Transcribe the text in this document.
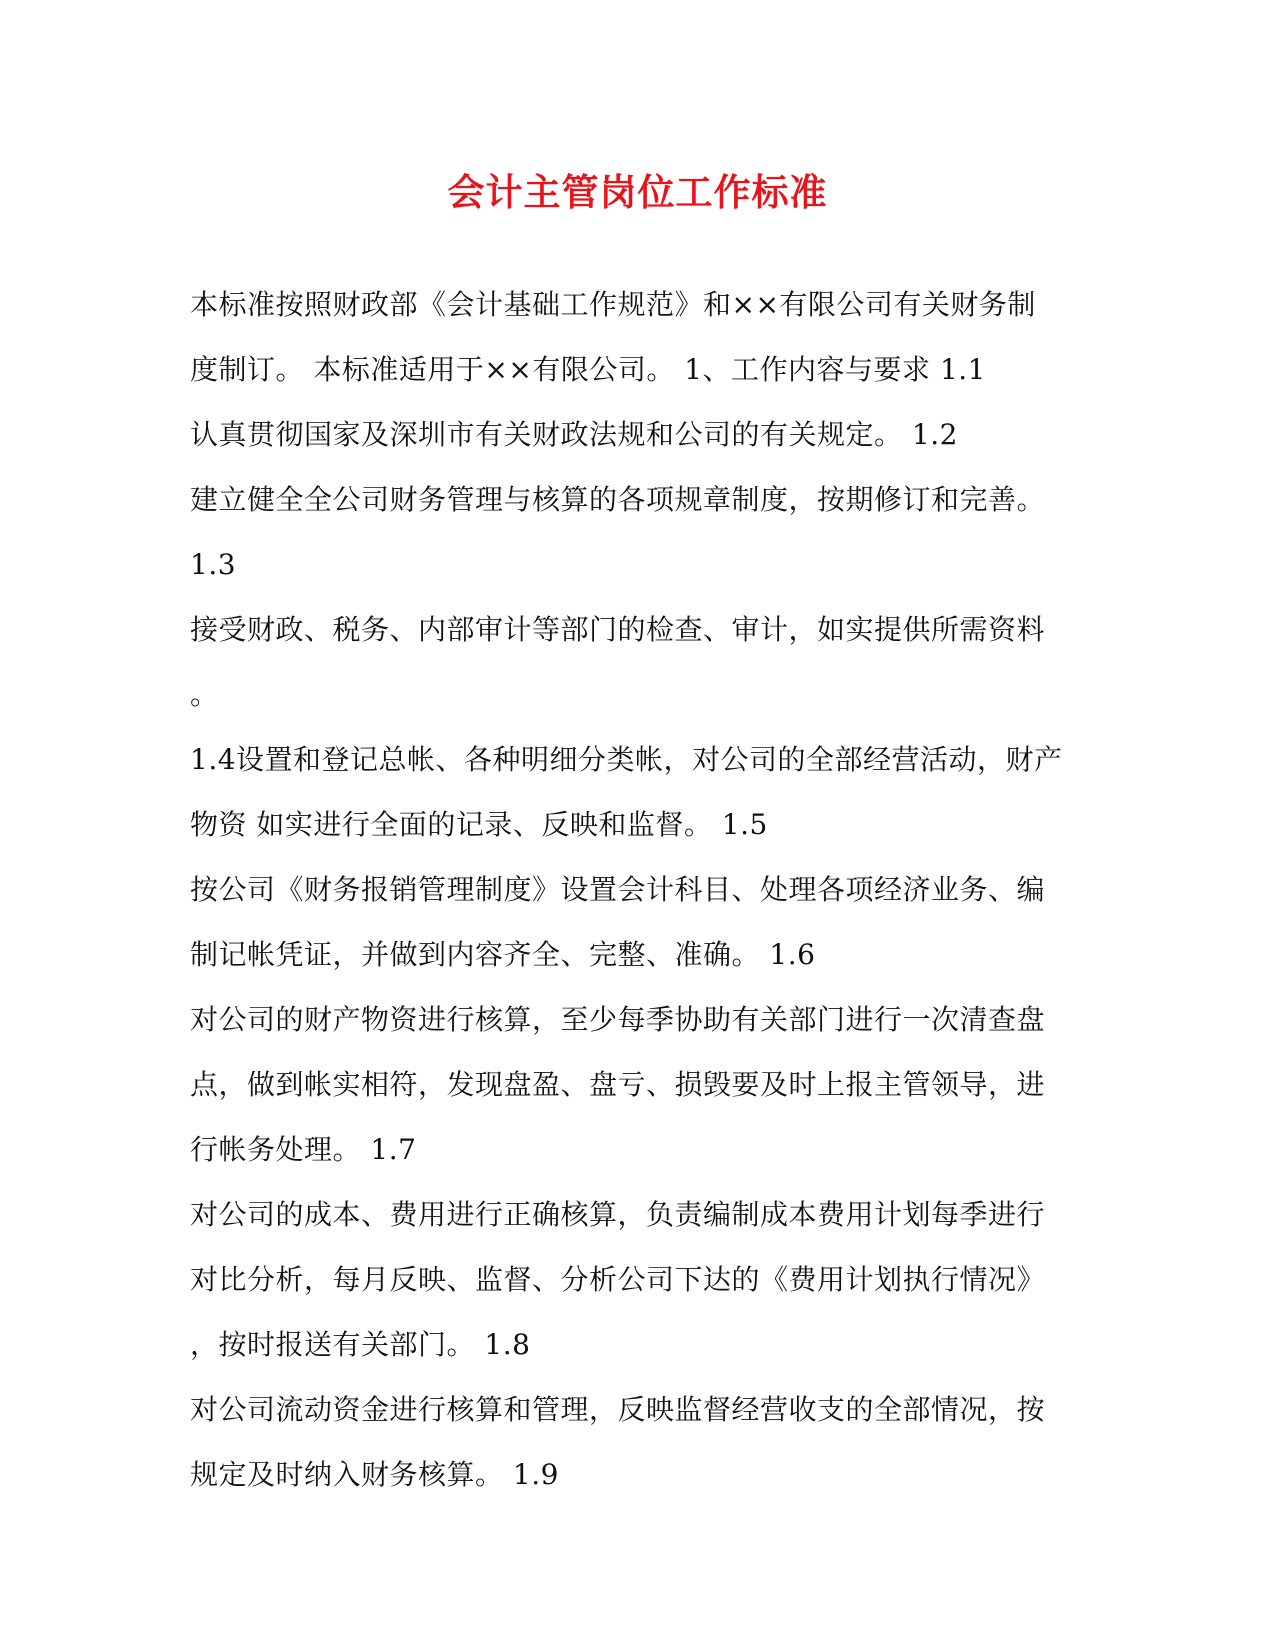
会计主管岗位工作标准
本标准按照财政部《会计基础工作规范》和××有限公司有关财务制
度制订。 本标准适用于××有限公司。 1、工作内容与要求 1.1
认真贯彻国家及深圳市有关财政法规和公司的有关规定。 1.2
建立健全全公司财务管理与核算的各项规章制度，按期修订和完善。
1.3
接受财政、税务、内部审计等部门的检查、审计，如实提供所需资料
。
1.4设置和登记总帐、各种明细分类帐，对公司的全部经营活动，财产
物资 如实进行全面的记录、反映和监督。 1.5
按公司《财务报销管理制度》设置会计科目、处理各项经济业务、编
制记帐凭证，并做到内容齐全、完整、准确。 1.6
对公司的财产物资进行核算，至少每季协助有关部门进行一次清查盘
点，做到帐实相符，发现盘盈、盘亏、损毁要及时上报主管领导，进
行帐务处理。 1.7
对公司的成本、费用进行正确核算，负责编制成本费用计划每季进行
对比分析，每月反映、监督、分析公司下达的《费用计划执行情况》
，按时报送有关部门。 1.8
对公司流动资金进行核算和管理，反映监督经营收支的全部情况，按
规定及时纳入财务核算。 1.9
